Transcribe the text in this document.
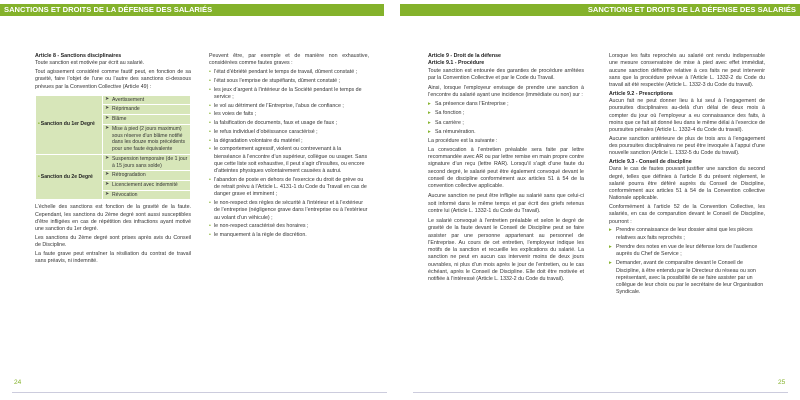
SANCTIONS ET DROITS DE LA DÉFENSE DES SALARIÉS	SANCTIONS ET DROITS DE LA DÉFENSE DES SALARIÉS
Article 8 - Sanctions disciplinaires

Toute sanction est motivée par écrit au salarié.

Tout agissement considéré comme fautif peut, en fonction de sa gravité, faire l’objet de l’une ou l’autre des sanctions ci-dessous prévues par la Convention Collective (Article 49) :

•Sanction du 1er Degré	➤ Avertissement
	➤ Réprimande
	➤ Blâme
	➤ Mise à pied (2 jours maximum) sous réserve d’un blâme notifié dans les douze mois précédents pour une faute équivalente
•Sanction du 2e Degré	➤ Suspension temporaire (de 1 jour à 15 jours sans solde)
	➤ Rétrogradation
	➤ Licenciement avec indemnité
	➤ Révocation

L’échelle des sanctions est fonction de la gravité de la faute. Cependant, les sanctions du 2ème degré sont aussi susceptibles d’être infligées en cas de répétition des infractions ayant motivé une sanction du 1er degré.

Les sanctions du 2ème degré sont prises après avis du Conseil de Discipline.

La faute grave peut entraîner la résiliation du contrat de travail sans préavis, ni indemnité.

Peuvent être, par exemple et de manière non exhaustive, considérées comme fautes graves :

• l’état d’ébriété pendant le temps de travail, dûment constaté ;
• l’état sous l’emprise de stupéfiants, dûment constaté ;
• les jeux d’argent à l’intérieur de la Société pendant le temps de service ;
• le vol au détriment de l’Entreprise, l’abus de confiance ;
• les voies de faits ;
• la falsification de documents, faux et usage de faux ;
• le refus individuel d’obéissance caractérisé ;
• la dégradation volontaire du matériel ;
• le comportement agressif, violent ou contrevenant à la bienséance à l’encontre d’un supérieur, collègue ou usager. Sans que cette liste soit exhaustive, il peut s’agir d’insultes, ou encore d’atteintes physiques volontairement causées à autrui.
• l’abandon de poste en dehors de l’exercice du droit de grève ou de retrait prévu à l’Article L. 4131-1 du Code du Travail en cas de danger grave et imminent ;
• le non-respect des règles de sécurité à l’intérieur et à l’extérieur de l’entreprise (négligence grave dans l’entreprise ou à l’extérieur au volant d’un véhicule) ;
• le non-respect caractérisé des horaires ;
• le manquement à la règle de discrétion.
Article 9 - Droit de la défense
Article 9.1 - Procédure

Toute sanction est entourée des garanties de procédure arrêtées par la Convention Collective et par le Code du Travail.

Ainsi, lorsque l’employeur envisage de prendre une sanction à l’encontre du salarié ayant une incidence (immédiate ou non) sur :

▸ Sa présence dans l’Entreprise ;
▸ Sa fonction ;
▸ Sa carrière ;
▸ Sa rémunération.

La procédure est la suivante :

La convocation à l’entretien préalable sera faite par lettre recommandée avec AR ou par lettre remise en main propre contre signature d’un reçu (lettre RAR). Lorsqu’il s’agit d’une faute du second degré, le salarié peut être également convoqué devant le conseil de discipline conformément aux articles 51 à 54 de la convention collective applicable.

Aucune sanction ne peut être infligée au salarié sans que celui-ci soit informé dans le même temps et par écrit des griefs retenus contre lui (Article L. 1332-1 du Code du Travail).

Le salarié convoqué à l’entretien préalable et selon le degré de gravité de la faute devant le Conseil de Discipline peut se faire assister par une personne appartenant au personnel de l’Entreprise. Au cours de cet entretien, l’employeur indique les motifs de la sanction et recueille les explications du salarié. La sanction ne peut en aucun cas intervenir moins de deux jours ouvrables, ni plus d’un mois après le jour de l’entretien, ou le cas échéant, après le Conseil de Discipline. Elle doit être motivée et notifiée à l’intéressé (Article L. 1332-2 du Code du travail).

Lorsque les faits reprochés au salarié ont rendu indispensable une mesure conservatoire de mise à pied avec effet immédiat, aucune sanction définitive relative à ces faits ne peut intervenir sans que la procédure prévue à l’Article L. 1332-2 du Code du travail ait été respectée (Article L. 1332-3 du Code du travail).

Article 9.2 - Prescriptions

Aucun fait ne peut donner lieu à lui seul à l’engagement de poursuites disciplinaires au-delà d’un délai de deux mois à compter du jour où l’employeur a eu connaissance des faits, à moins que ce fait ait donné lieu dans le même délai à l’exercice de poursuites pénales (Article L. 1332-4 du Code du travail).

Aucune sanction antérieure de plus de trois ans à l’engagement des poursuites disciplinaires ne peut être invoquée à l’appui d’une nouvelle sanction (Article L. 1332-5 du Code du travail).

Article 9.3 - Conseil de discipline

Dans le cas de fautes pouvant justifier une sanction du second degré, telles que définies à l’article 8 du présent règlement, le salarié pourra être déféré auprès du Conseil de Discipline, conformément aux articles 51 à 54 de la Convention collective Nationale applicable.

Conformément à l’article 52 de la Convention Collective, les salariés, en cas de comparution devant le Conseil de Discipline, pourront :

▸ Prendre connaissance de leur dossier ainsi que les pièces relatives aux faits reprochés ;
▸ Prendre des notes en vue de leur défense lors de l’audience auprès du Chef de Service ;
▸ Demander, avant de comparaître devant le Conseil de Discipline, à être entendu par le Directeur du réseau ou son représentant, avec la possibilité de se faire assister par un collègue de leur choix ou par le secrétaire de leur Organisation Syndicale.
24	25
